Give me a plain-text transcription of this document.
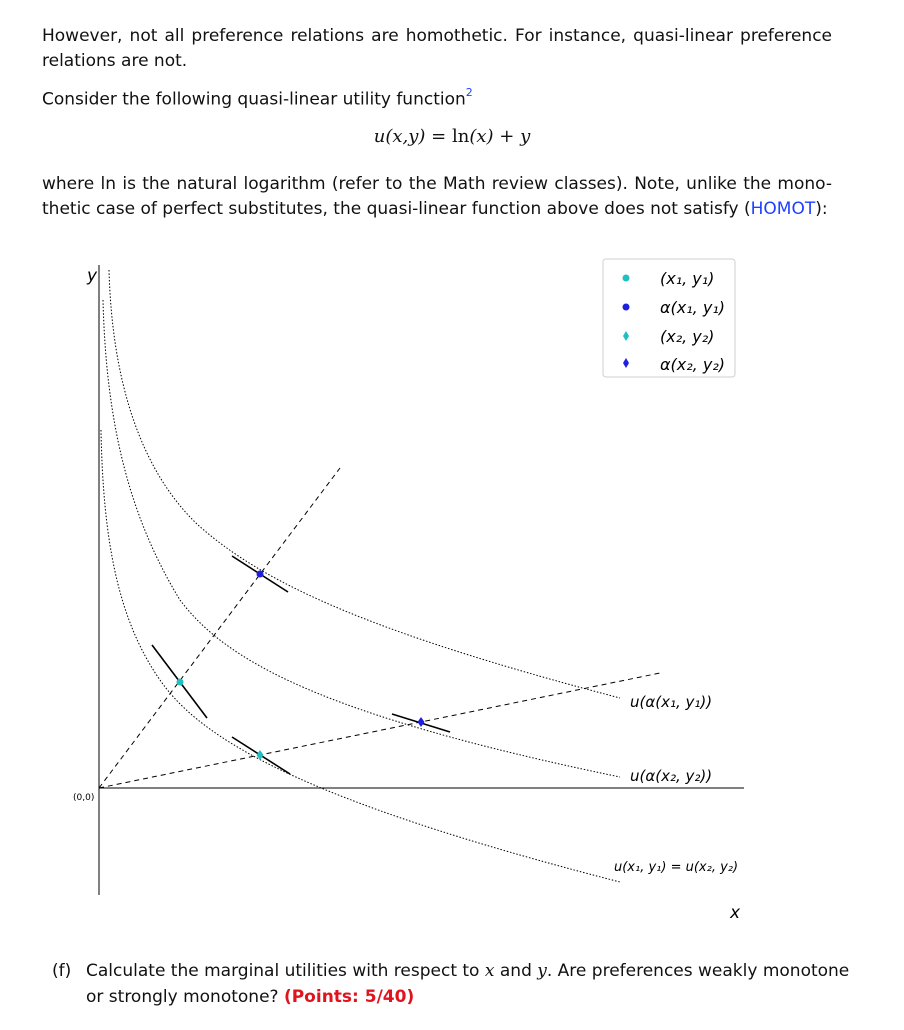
However, not all preference relations are homothetic. For instance, quasi-linear preference relations are not.
Consider the following quasi-linear utility function$^2$
u(x,y) = ln(x) + y
where ln is the natural logarithm (refer to the Math review classes). Note, unlike the mono-thetic case of perfect substitutes, the quasi-linear function above does not satisfy (HOMOT):
y
x
(0,0)
u(α(x₁, y₁))
u(α(x₂, y₂))
u(x₁, y₁) = u(x₂, y₂)
(x₁, y₁)
α(x₁, y₁)
(x₂, y₂)
α(x₂, y₂)
(f) Calculate the marginal utilities with respect to x and y. Are preferences weakly monotone
or strongly monotone? (Points: 5/40)
